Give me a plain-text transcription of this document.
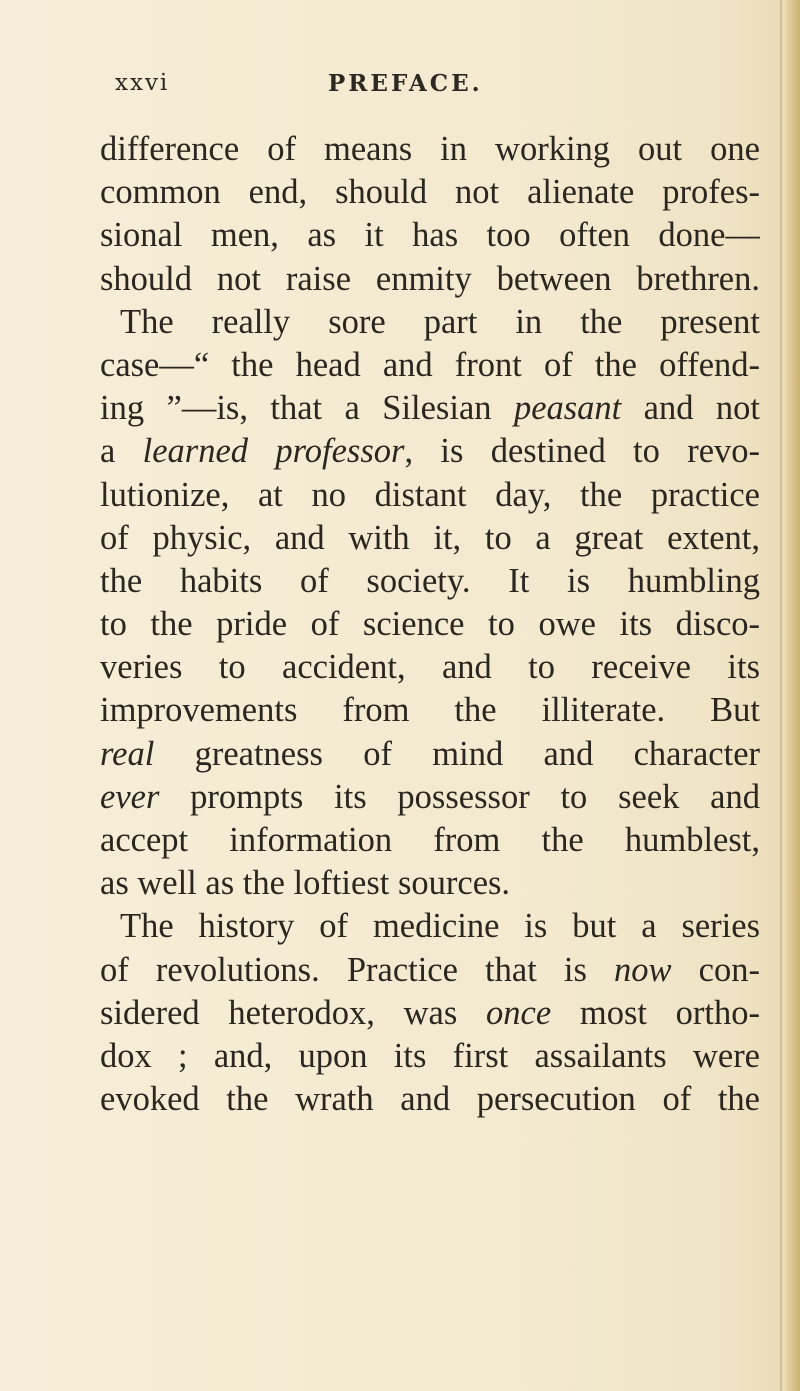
xxvi	PREFACE.
difference of means in working out one
common end, should not alienate profes-
sional men, as it has too often done—
should not raise enmity between brethren.
The really sore part in the present
case—“ the head and front of the offend-
ing ”—is, that a Silesian peasant and not
a learned professor, is destined to revo-
lutionize, at no distant day, the practice
of physic, and with it, to a great extent,
the habits of society. It is humbling
to the pride of science to owe its disco-
veries to accident, and to receive its
improvements from the illiterate. But
real greatness of mind and character
ever prompts its possessor to seek and
accept information from the humblest,
as well as the loftiest sources.
The history of medicine is but a series
of revolutions. Practice that is now con-
sidered heterodox, was once most ortho-
dox ; and, upon its first assailants were
evoked the wrath and persecution of the
